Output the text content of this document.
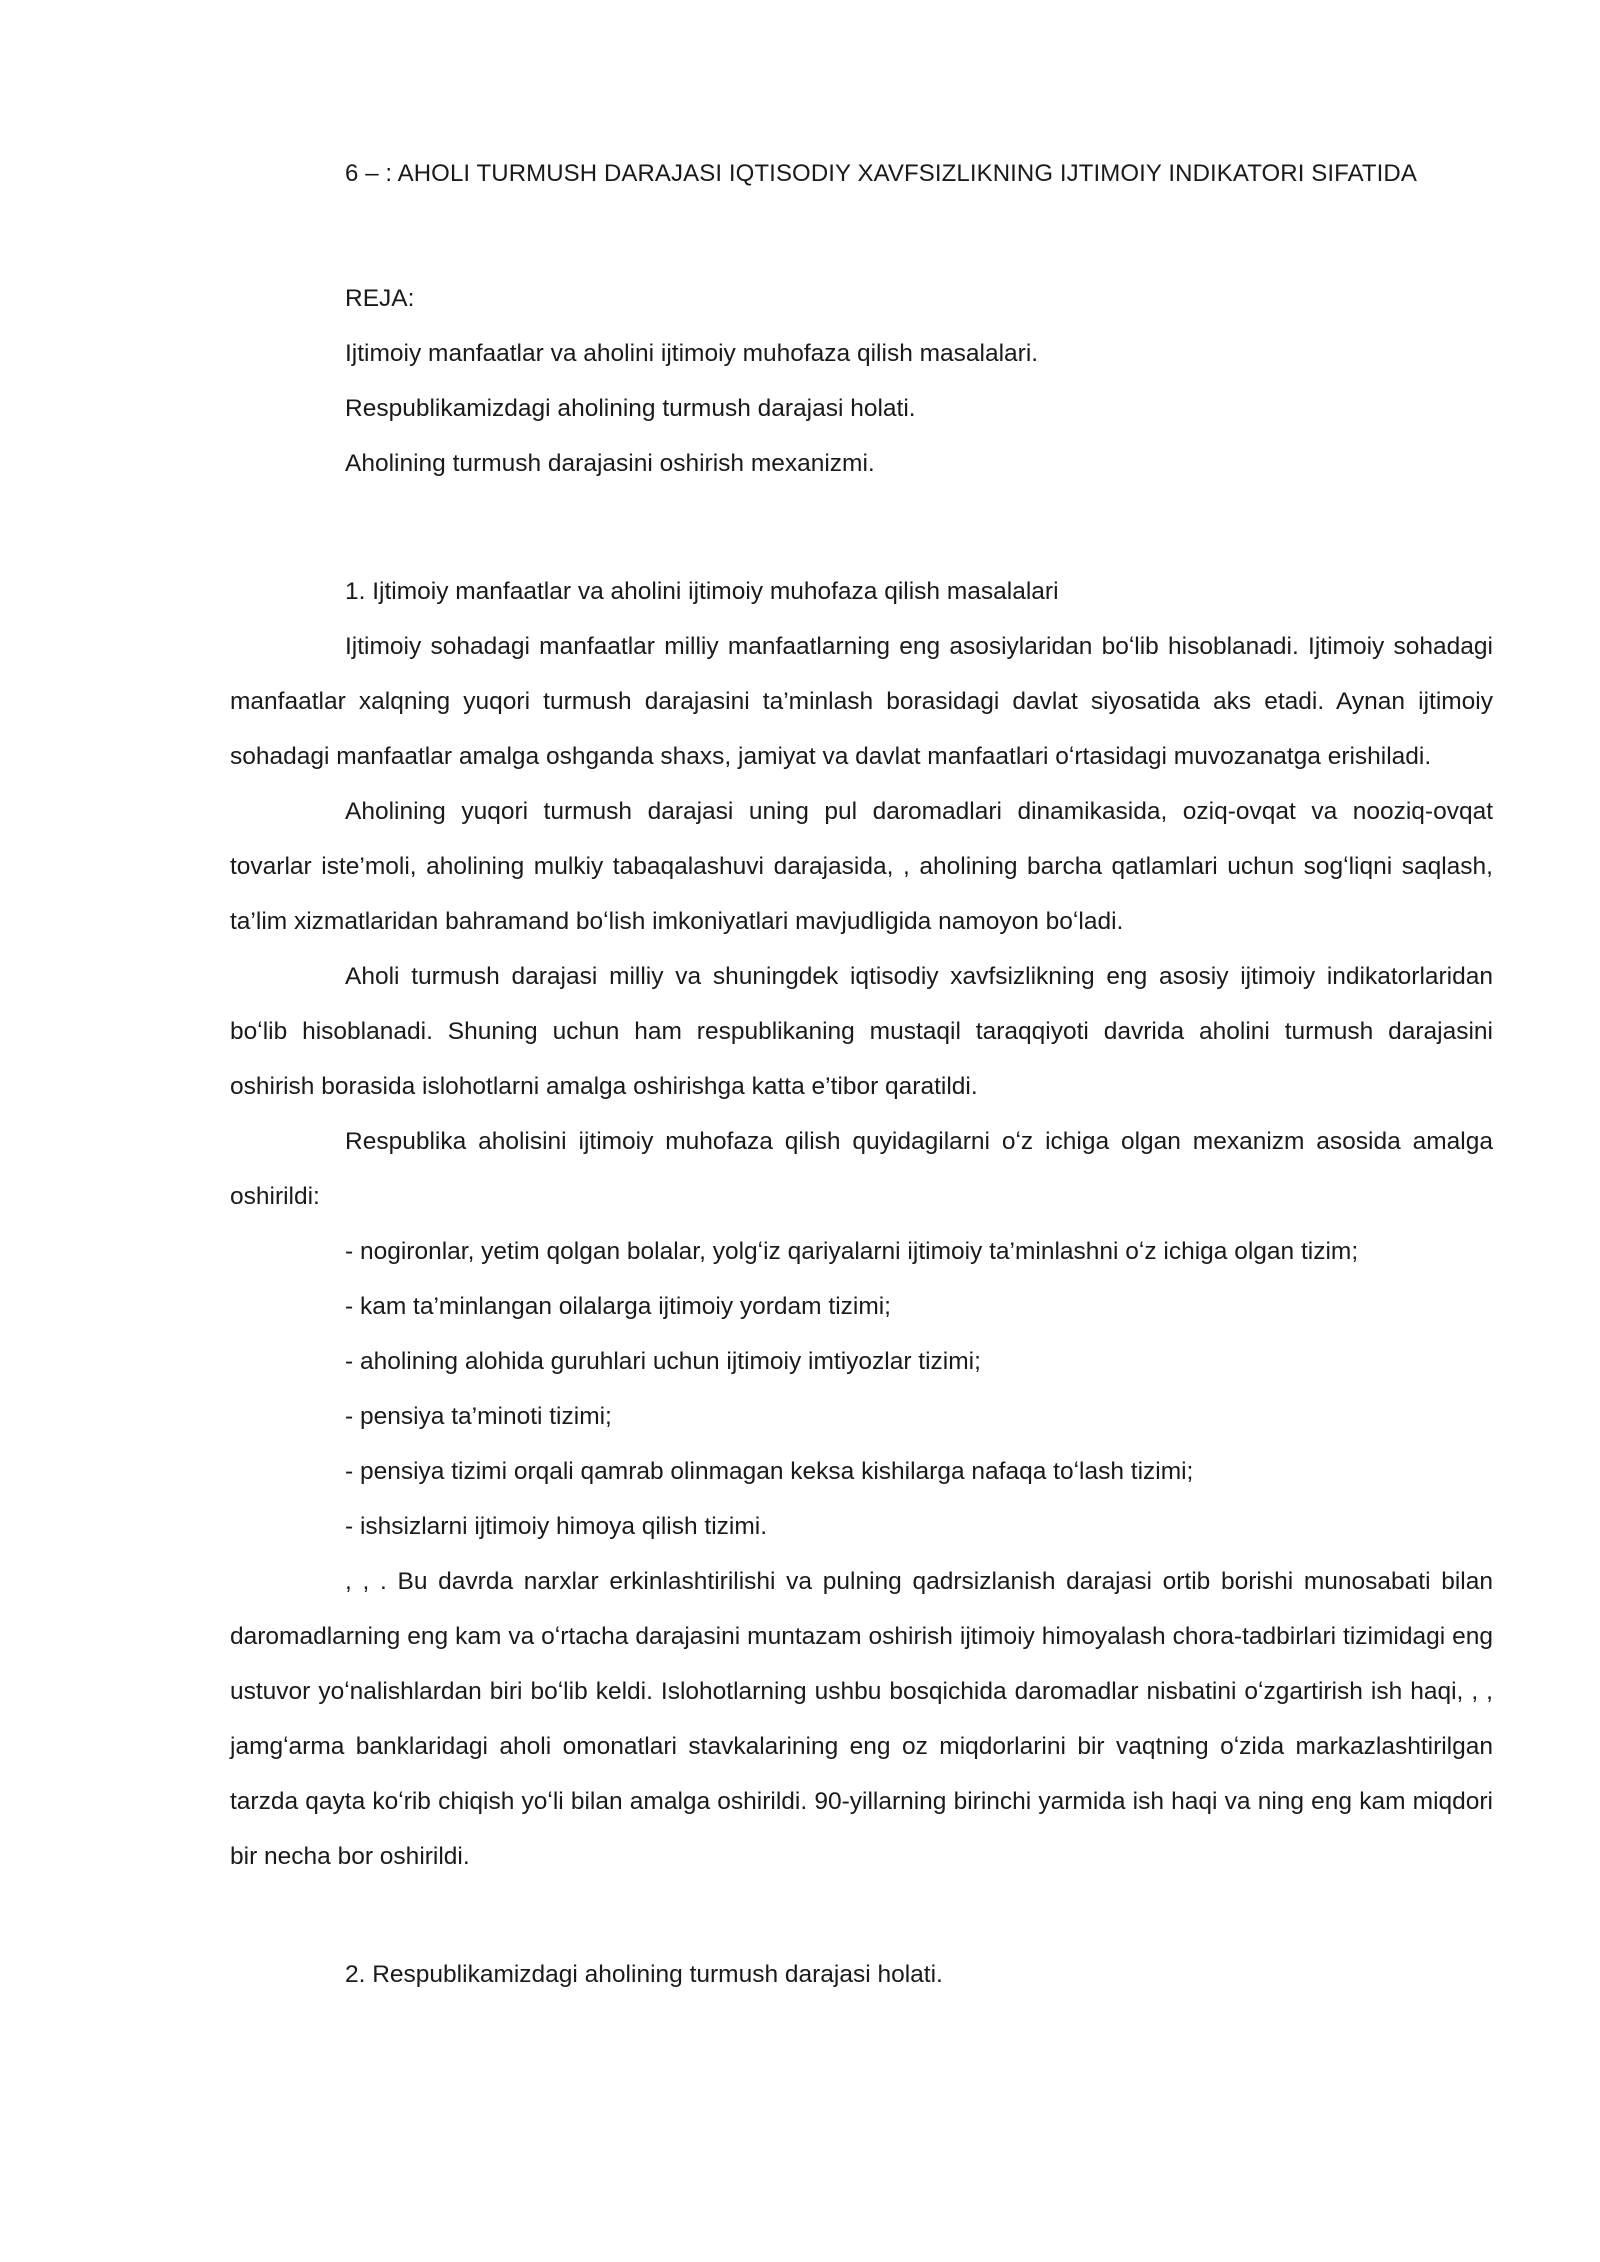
6 – : AHOLI TURMUSH DARAJASI IQTISODIY XAVFSIZLIKNING IJTIMOIY INDIKATORI SIFATIDA

REJA:

Ijtimoiy manfaatlar va aholini ijtimoiy muhofaza qilish masalalari.
Respublikamizdagi aholining turmush darajasi holati.
Aholining turmush darajasini oshirish mexanizmi.

1. Ijtimoiy manfaatlar va aholini ijtimoiy muhofaza qilish masalalari

Ijtimoiy sohadagi manfaatlar milliy manfaatlarning eng asosiylaridan boʻlib hisoblanadi. Ijtimoiy sohadagi manfaatlar xalqning yuqori turmush darajasini ta’minlash borasidagi davlat siyosatida aks etadi. Aynan ijtimoiy sohadagi manfaatlar amalga oshganda shaxs, jamiyat va davlat manfaatlari oʻrtasidagi muvozanatga erishiladi.

Aholining yuqori turmush darajasi uning pul daromadlari dinamikasida, oziq-ovqat va nooziq-ovqat tovarlar iste’moli, aholining mulkiy tabaqalashuvi darajasida, , aholining barcha qatlamlari uchun sogʻliqni saqlash, ta’lim xizmatlaridan bahramand boʻlish imkoniyatlari mavjudligida namoyon boʻladi.

Aholi turmush darajasi milliy va shuningdek iqtisodiy xavfsizlikning eng asosiy ijtimoiy indikatorlaridan boʻlib hisoblanadi. Shuning uchun ham respublikaning mustaqil taraqqiyoti davrida aholini turmush darajasini oshirish borasida islohotlarni amalga oshirishga katta e’tibor qaratildi.

Respublika aholisini ijtimoiy muhofaza qilish quyidagilarni oʻz ichiga olgan mexanizm asosida amalga oshirildi:

- nogironlar, yetim qolgan bolalar, yolgʻiz qariyalarni ijtimoiy ta’minlashni oʻz ichiga olgan tizim;
- kam ta’minlangan oilalarga ijtimoiy yordam tizimi;
- aholining alohida guruhlari uchun ijtimoiy imtiyozlar tizimi;
- pensiya ta’minoti tizimi;
- pensiya tizimi orqali qamrab olinmagan keksa kishilarga nafaqa toʻlash tizimi;
- ishsizlarni ijtimoiy himoya qilish tizimi.

, , . Bu davrda narxlar erkinlashtirilishi va pulning qadrsizlanish darajasi ortib borishi munosabati bilan daromadlarning eng kam va oʻrtacha darajasini muntazam oshirish ijtimoiy himoyalash chora-tadbirlari tizimidagi eng ustuvor yoʻnalishlardan biri boʻlib keldi. Islohotlarning ushbu bosqichida daromadlar nisbatini oʻzgartirish ish haqi, , , jamgʻarma banklaridagi aholi omonatlari stavkalarining eng oz miqdorlarini bir vaqtning oʻzida markazlashtirilgan tarzda qayta koʻrib chiqish yoʻli bilan amalga oshirildi. 90-yillarning birinchi yarmida ish haqi va ning eng kam miqdori bir necha bor oshirildi.

2. Respublikamizdagi aholining turmush darajasi holati.
